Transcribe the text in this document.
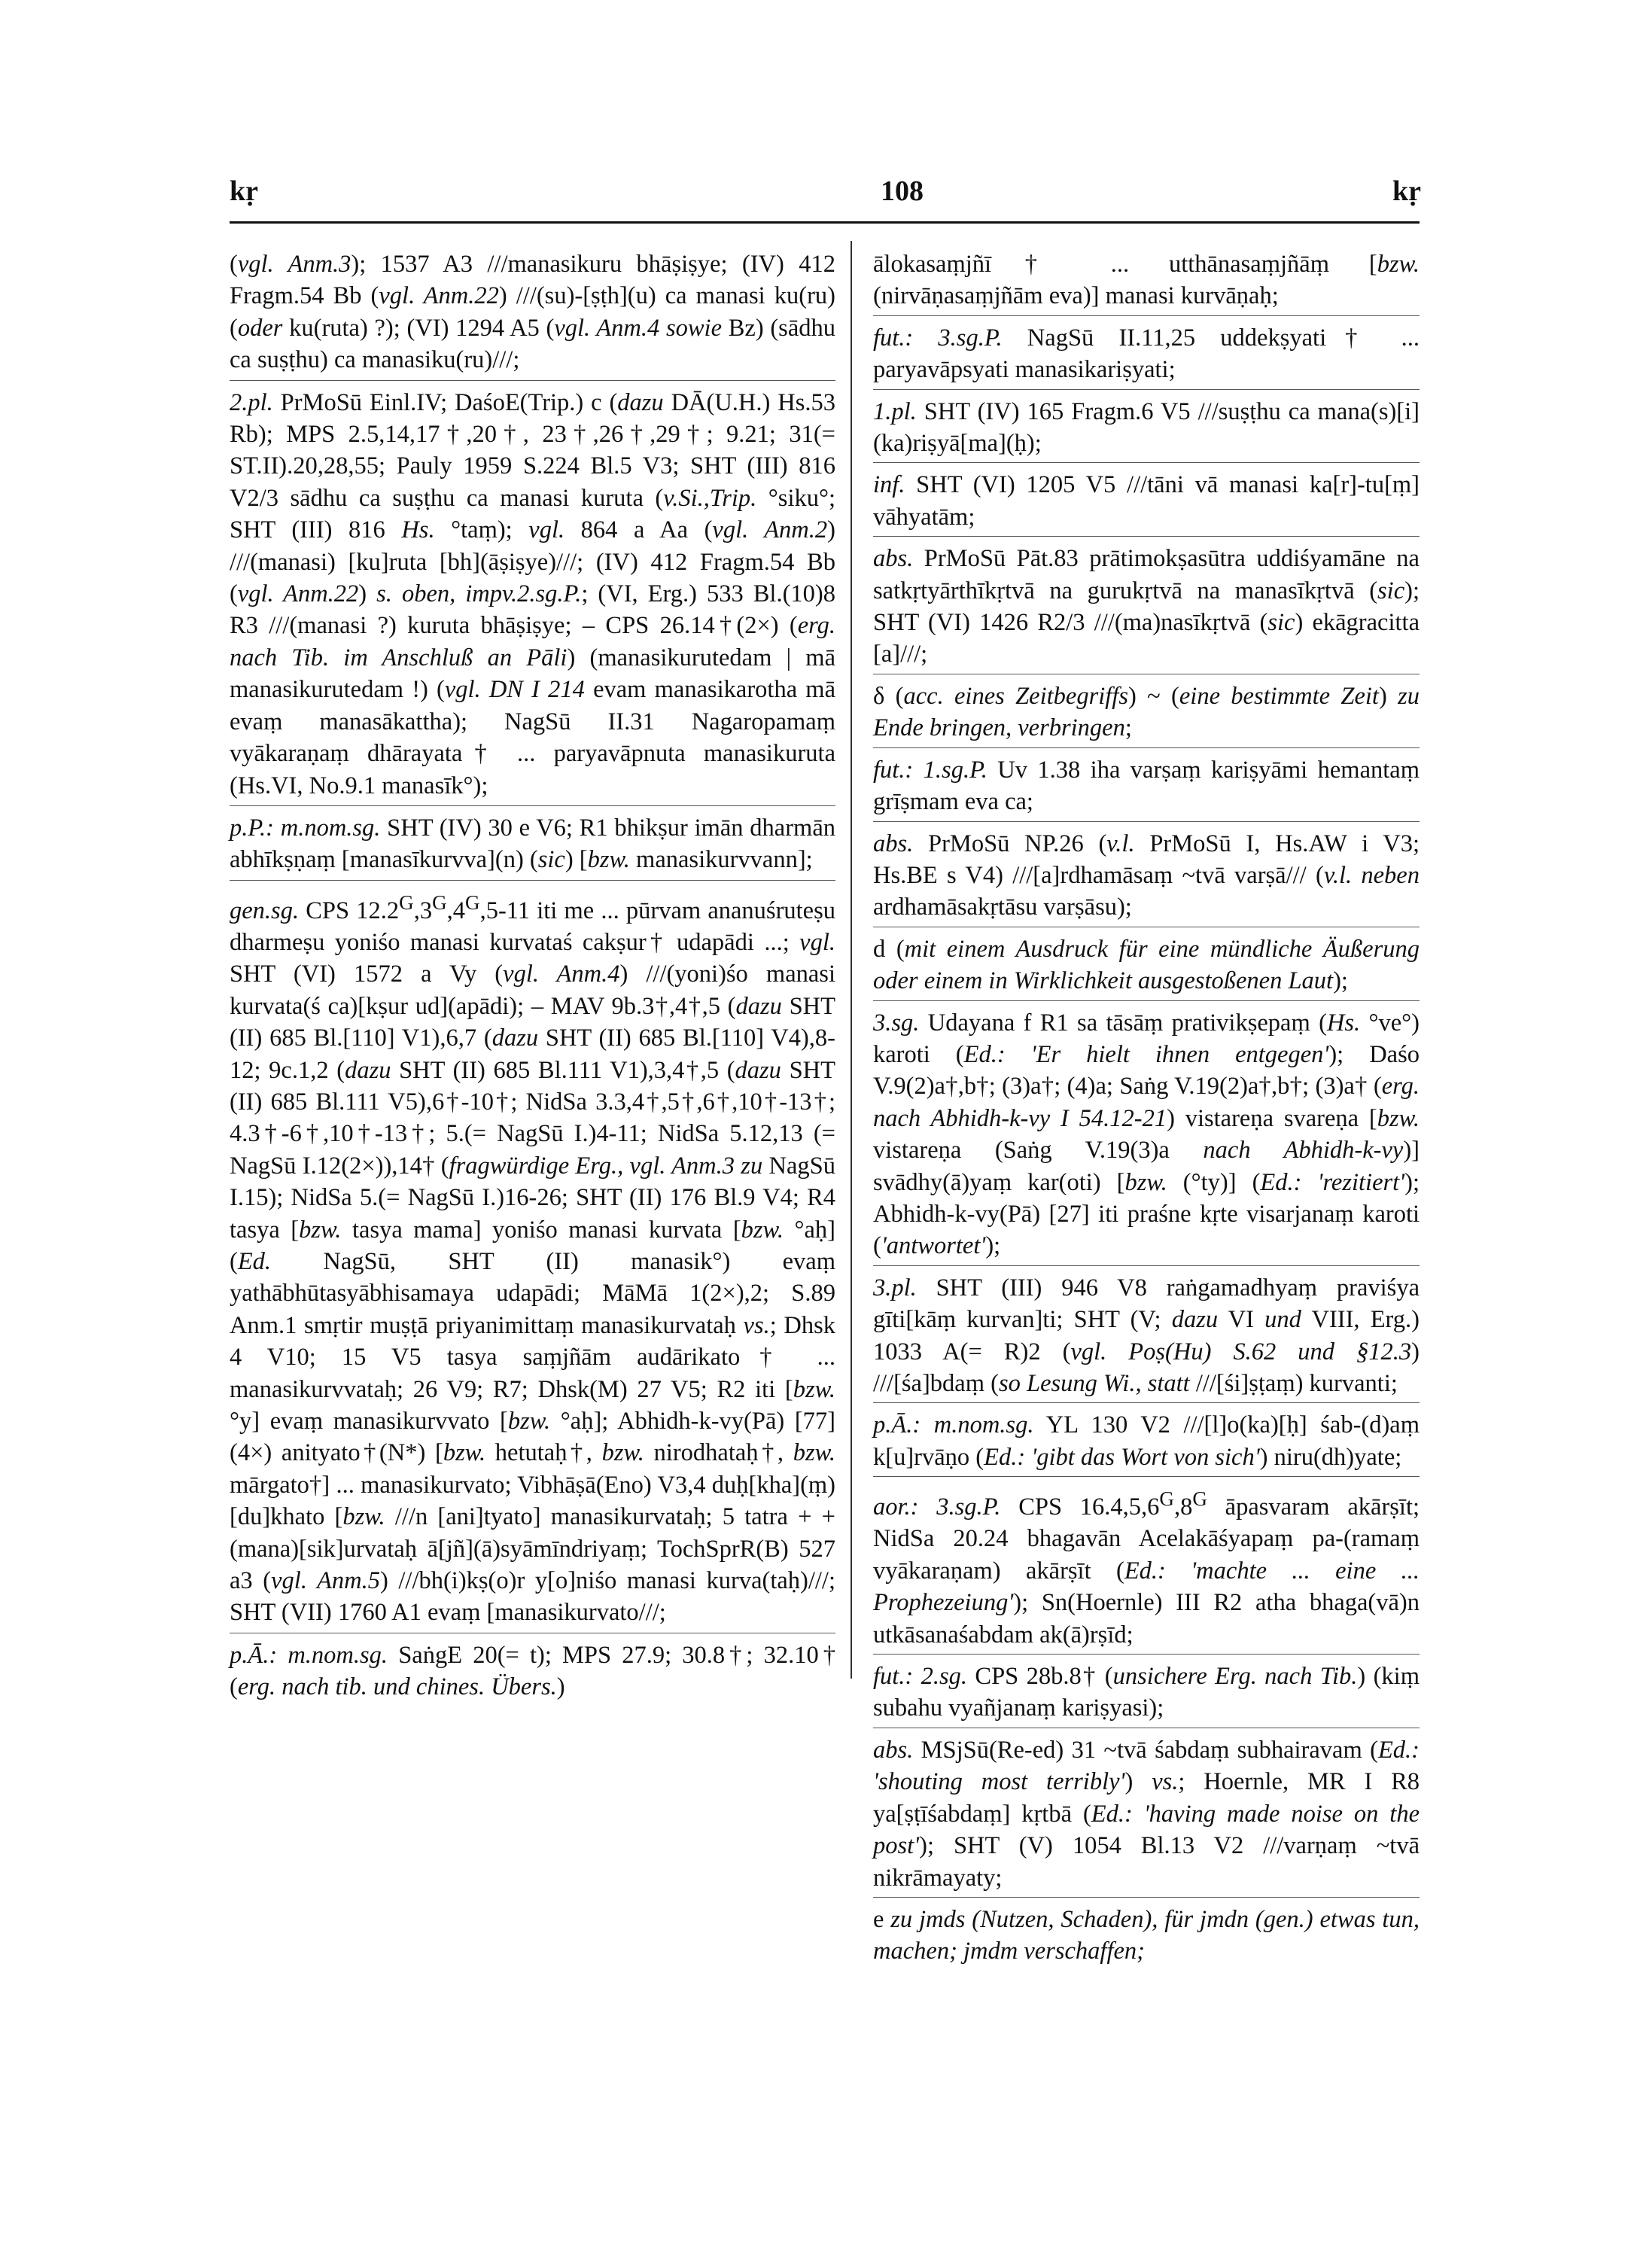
kṛ	108	kṛ

(vgl. Anm.3); 1537 A3 ///manasikuru bhāṣiṣye; (IV) 412 Fragm.54 Bb (vgl. Anm.22) ///(su)-[ṣṭh](u) ca manasi ku(ru) (oder ku(ruta) ?); (VI) 1294 A5 (vgl. Anm.4 sowie Bz) (sādhu ca suṣṭhu) ca manasiku(ru)///;

2.pl. PrMoSū Einl.IV; DaśoE(Trip.) c (dazu DĀ(U.H.) Hs.53 Rb); MPS 2.5,14,17†,20†, 23†,26†,29†; 9.21; 31(= ST.II).20,28,55; Pauly 1959 S.224 Bl.5 V3; SHT (III) 816 V2/3 sādhu ca suṣṭhu ca manasi kuruta (v.Si.,Trip. °siku°; SHT (III) 816 Hs. °taṃ); vgl. 864 a Aa (vgl. Anm.2) ///(manasi) [ku]ruta [bh](āṣiṣye)///; (IV) 412 Fragm.54 Bb (vgl. Anm.22) s. oben, impv.2.sg.P.; (VI, Erg.) 533 Bl.(10)8 R3 ///(manasi ?) kuruta bhāṣiṣye; – CPS 26.14†(2×) (erg. nach Tib. im Anschluß an Pāli) (manasikurutedam | mā manasikurutedam !) (vgl. DN I 214 evam manasikarotha mā evaṃ manasākattha); NagSū II.31 Nagaropamaṃ vyākaraṇaṃ dhārayata† ... paryavāpnuta manasikuruta (Hs.VI, No.9.1 manasīk°);

p.P.: m.nom.sg. SHT (IV) 30 e V6; R1 bhikṣur imān dharmān abhīkṣṇaṃ [manasīkurvva](n) (sic) [bzw. manasikurvvann];

gen.sg. CPS $12.2^G,3^G,4^G,5-11$ iti me ... pūrvam ananuśruteṣu dharmeṣu yoniśo manasi kurvataś cakṣur† udapādi ...; vgl. SHT (VI) 1572 a Vy (vgl. Anm.4) ///(yoni)śo manasi kurvata(ś ca)[kṣur ud](apādi); – MAV 9b.3†,4†,5 (dazu SHT (II) 685 Bl.[110] V1),6,7 (dazu SHT (II) 685 Bl.[110] V4),8-12; 9c.1,2 (dazu SHT (II) 685 Bl.111 V1),3,4†,5 (dazu SHT (II) 685 Bl.111 V5),6†-10†; NidSa 3.3,4†,5†,6†,10†-13†; 4.3†-6†,10†-13†; 5.(= NagSū I.)4-11; NidSa 5.12,13 (= NagSū I.12(2×)),14† (fragwürdige Erg., vgl. Anm.3 zu NagSū I.15); NidSa 5.(= NagSū I.)16-26; SHT (II) 176 Bl.9 V4; R4 tasya [bzw. tasya mama] yoniśo manasi kurvata [bzw. °aḥ] (Ed. NagSū, SHT (II) manasik°) evaṃ yathābhūtasyābhisamaya udapādi; MāMā 1(2×),2; S.89 Anm.1 smṛtir muṣṭā priyanimittaṃ manasikurvataḥ vs.; Dhsk 4 V10; 15 V5 tasya saṃjñām audārikato† ... manasikurvvataḥ; 26 V9; R7; Dhsk(M) 27 V5; R2 iti [bzw. °y] evaṃ manasikurvvato [bzw. °aḥ]; Abhidh-k-vy(Pā) [77](4×) anityato†(N*) [bzw. hetutaḥ†, bzw. nirodhataḥ†, bzw. mārgato†] ... manasikurvato; Vibhāṣā(Eno) V3,4 duḥ[kha](ṃ) [du]khato [bzw. ///n [ani]tyato] manasikurvataḥ; 5 tatra + + (mana)[sik]urvataḥ ā[jñ](ā)syāmīndriyaṃ; TochSprR(B) 527 a3 (vgl. Anm.5) ///bh(i)kṣ(o)r y[o]niśo manasi kurva(taḥ)///; SHT (VII) 1760 A1 evaṃ [manasikurvato///;

p.Ā.: m.nom.sg. SaṅgE 20(= t); MPS 27.9; 30.8†; 32.10† (erg. nach tib. und chines. Übers.)

ālokasaṃjñī† ... utthānasaṃjñāṃ [bzw. (nirvāṇasaṃjñām eva)] manasi kurvāṇaḥ;

fut.: 3.sg.P. NagSū II.11,25 uddekṣyati† ... paryavāpsyati manasikariṣyati;

1.pl. SHT (IV) 165 Fragm.6 V5 ///suṣṭhu ca mana(s)[i] (ka)riṣyā[ma](ḥ);

inf. SHT (VI) 1205 V5 ///tāni vā manasi ka[r]-tu[ṃ] vāhyatām;

abs. PrMoSū Pāt.83 prātimokṣasūtra uddiśyamāne na satkṛtyārthīkṛtvā na gurukṛtvā na manasīkṛtvā (sic); SHT (VI) 1426 R2/3 ///(ma)nasīkṛtvā (sic) ekāgracitta [a]///;

δ (acc. eines Zeitbegriffs) ~ (eine bestimmte Zeit) zu Ende bringen, verbringen;

fut.: 1.sg.P. Uv 1.38 iha varṣaṃ kariṣyāmi hemantaṃ grīṣmam eva ca;

abs. PrMoSū NP.26 (v.l. PrMoSū I, Hs.AW i V3; Hs.BE s V4) ///[a]rdhamāsaṃ ~tvā varṣā/// (v.l. neben ardhamāsakṛtāsu varṣāsu);

d (mit einem Ausdruck für eine mündliche Äußerung oder einem in Wirklichkeit ausgestoßenen Laut);

3.sg. Udayana f R1 sa tāsāṃ prativikṣepaṃ (Hs. °ve°) karoti (Ed.: 'Er hielt ihnen entgegen'); Daśo V.9(2)a†,b†; (3)a†; (4)a; Saṅg V.19(2)a†,b†; (3)a† (erg. nach Abhidh-k-vy I 54.12-21) vistareṇa svareṇa [bzw. vistareṇa (Saṅg V.19(3)a nach Abhidh-k-vy)] svādhy(ā)yaṃ kar(oti) [bzw. (°ty)] (Ed.: 'rezitiert'); Abhidh-k-vy(Pā) [27] iti praśne kṛte visarjanaṃ karoti ('antwortet');

3.pl. SHT (III) 946 V8 raṅgamadhyaṃ praviśya gīti[kāṃ kurvan]ti; SHT (V; dazu VI und VIII, Erg.) 1033 A(= R)2 (vgl. Poṣ(Hu) S.62 und §12.3) ///[śa]bdaṃ (so Lesung Wi., statt ///[śi]ṣṭaṃ) kurvanti;

p.Ā.: m.nom.sg. YL 130 V2 ///[l]o(ka)[ḥ] śab-(d)aṃ k[u]rvāṇo (Ed.: 'gibt das Wort von sich') niru(dh)yate;

aor.: 3.sg.P. CPS $16.4,5,6^G,8^G$ āpasvaram akārṣīt; NidSa 20.24 bhagavān Acelakāśyapaṃ pa-(ramaṃ vyākaraṇam) akārṣīt (Ed.: 'machte ... eine ... Prophezeiung'); Sn(Hoernle) III R2 atha bhaga(vā)n utkāsanaśabdam ak(ā)rṣīd;

fut.: 2.sg. CPS 28b.8† (unsichere Erg. nach Tib.) (kiṃ subahu vyañjanaṃ kariṣyasi);

abs. MSjSū(Re-ed) 31 ~tvā śabdaṃ subhairavam (Ed.: 'shouting most terribly') vs.; Hoernle, MR I R8 ya[ṣṭīśabdaṃ] kṛtbā (Ed.: 'having made noise on the post'); SHT (V) 1054 Bl.13 V2 ///varṇaṃ ~tvā nikrāmayaty;

e zu jmds (Nutzen, Schaden), für jmdn (gen.) etwas tun, machen; jmdm verschaffen;
